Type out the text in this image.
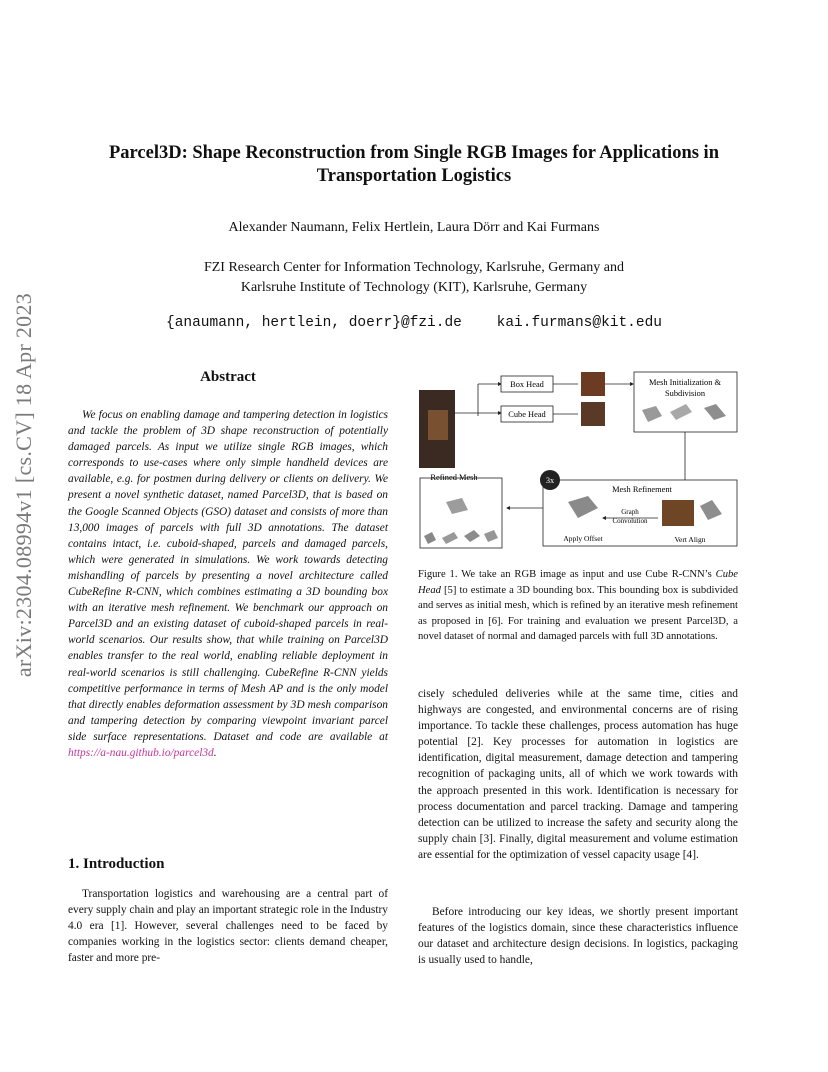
arXiv:2304.08994v1 [cs.CV] 18 Apr 2023
Parcel3D: Shape Reconstruction from Single RGB Images for Applications in
Transportation Logistics
Alexander Naumann, Felix Hertlein, Laura Dörr and Kai Furmans
FZI Research Center for Information Technology, Karlsruhe, Germany and
Karlsruhe Institute of Technology (KIT), Karlsruhe, Germany
{anaumann, hertlein, doerr}@fzi.de    kai.furmans@kit.edu
Abstract

We focus on enabling damage and tampering detection in logistics and tackle the problem of 3D shape reconstruction of potentially damaged parcels. As input we utilize single RGB images, which corresponds to use-cases where only simple handheld devices are available, e.g. for postmen during delivery or clients on delivery. We present a novel synthetic dataset, named Parcel3D, that is based on the Google Scanned Objects (GSO) dataset and consists of more than 13,000 images of parcels with full 3D annotations. The dataset contains intact, i.e. cuboid-shaped, parcels and damaged parcels, which were generated in simulations. We work towards detecting mishandling of parcels by presenting a novel architecture called CubeRefine R-CNN, which combines estimating a 3D bounding box with an iterative mesh refinement. We benchmark our approach on Parcel3D and an existing dataset of cuboid-shaped parcels in real-world scenarios. Our results show, that while training on Parcel3D enables transfer to the real world, enabling reliable deployment in real-world scenarios is still challenging. CubeRefine R-CNN yields competitive performance in terms of Mesh AP and is the only model that directly enables deformation assessment by 3D mesh comparison and tampering detection by comparing viewpoint invariant parcel side surface representations. Dataset and code are available at https://a-nau.github.io/parcel3d.

1. Introduction

Transportation logistics and warehousing are a central part of every supply chain and play an important strategic role in the Industry 4.0 era [1]. However, several challenges need to be faced by companies working in the logistics sector: clients demand cheaper, faster and more pre-

Box Head
Cube Head
Mesh Initialization &
Subdivision
Mesh Refinement
3x
Graph
Convolution
Apply Offset	Vert Align
Refined Mesh
Figure 1. We take an RGB image as input and use Cube R-CNN’s Cube Head [5] to estimate a 3D bounding box. This bounding box is subdivided and serves as initial mesh, which is refined by an iterative mesh refinement as proposed in [6]. For training and evaluation we present Parcel3D, a novel dataset of normal and damaged parcels with full 3D annotations.

cisely scheduled deliveries while at the same time, cities and highways are congested, and environmental concerns are of rising importance. To tackle these challenges, process automation has huge potential [2]. Key processes for automation in logistics are identification, digital measurement, damage detection and tampering recognition of packaging units, all of which we work towards with the approach presented in this work. Identification is necessary for process documentation and parcel tracking. Damage and tampering detection can be utilized to increase the safety and security along the supply chain [3]. Finally, digital measurement and volume estimation are essential for the optimization of vessel capacity usage [4].

Before introducing our key ideas, we shortly present important features of the logistics domain, since these characteristics influence our dataset and architecture design decisions. In logistics, packaging is usually used to handle,
